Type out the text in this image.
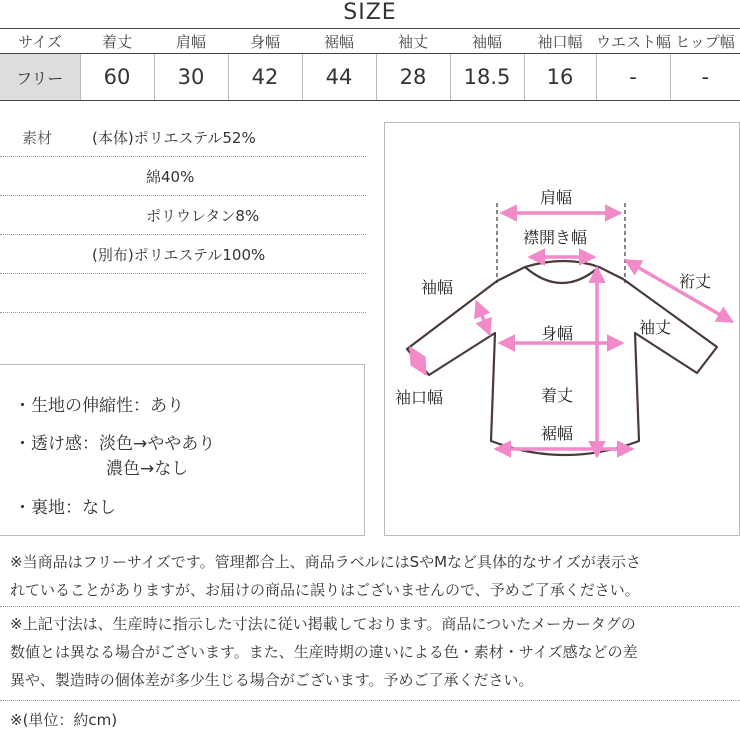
SIZE
サイズ	着丈	肩幅	身幅	裾幅	袖丈	袖幅	袖口幅	ウエスト幅	ヒップ幅
フリー	60	30	42	44	28	18.5	16	-	-
素材	(本体)ポリエステル52%
綿40%
ポリウレタン8%
(別布)ポリエステル100%
・生地の伸縮性：あり
・透け感：淡色→ややあり
濃色→なし
・裏地：なし
肩幅
襟開き幅
裄丈
袖幅
袖丈
身幅
袖口幅	着丈
裾幅
※当商品はフリーサイズです。管理都合上、商品ラベルにはSやMなど具体的なサイズが表示さ
れていることがありますが、お届けの商品に誤りはございませんので、予めご了承ください。
※上記寸法は、生産時に指示した寸法に従い掲載しております。商品についたメーカータグの
数値とは異なる場合がございます。また、生産時期の違いによる色・素材・サイズ感などの差
異や、製造時の個体差が多少生じる場合がございます。予めご了承ください。
※(単位：約cm)
